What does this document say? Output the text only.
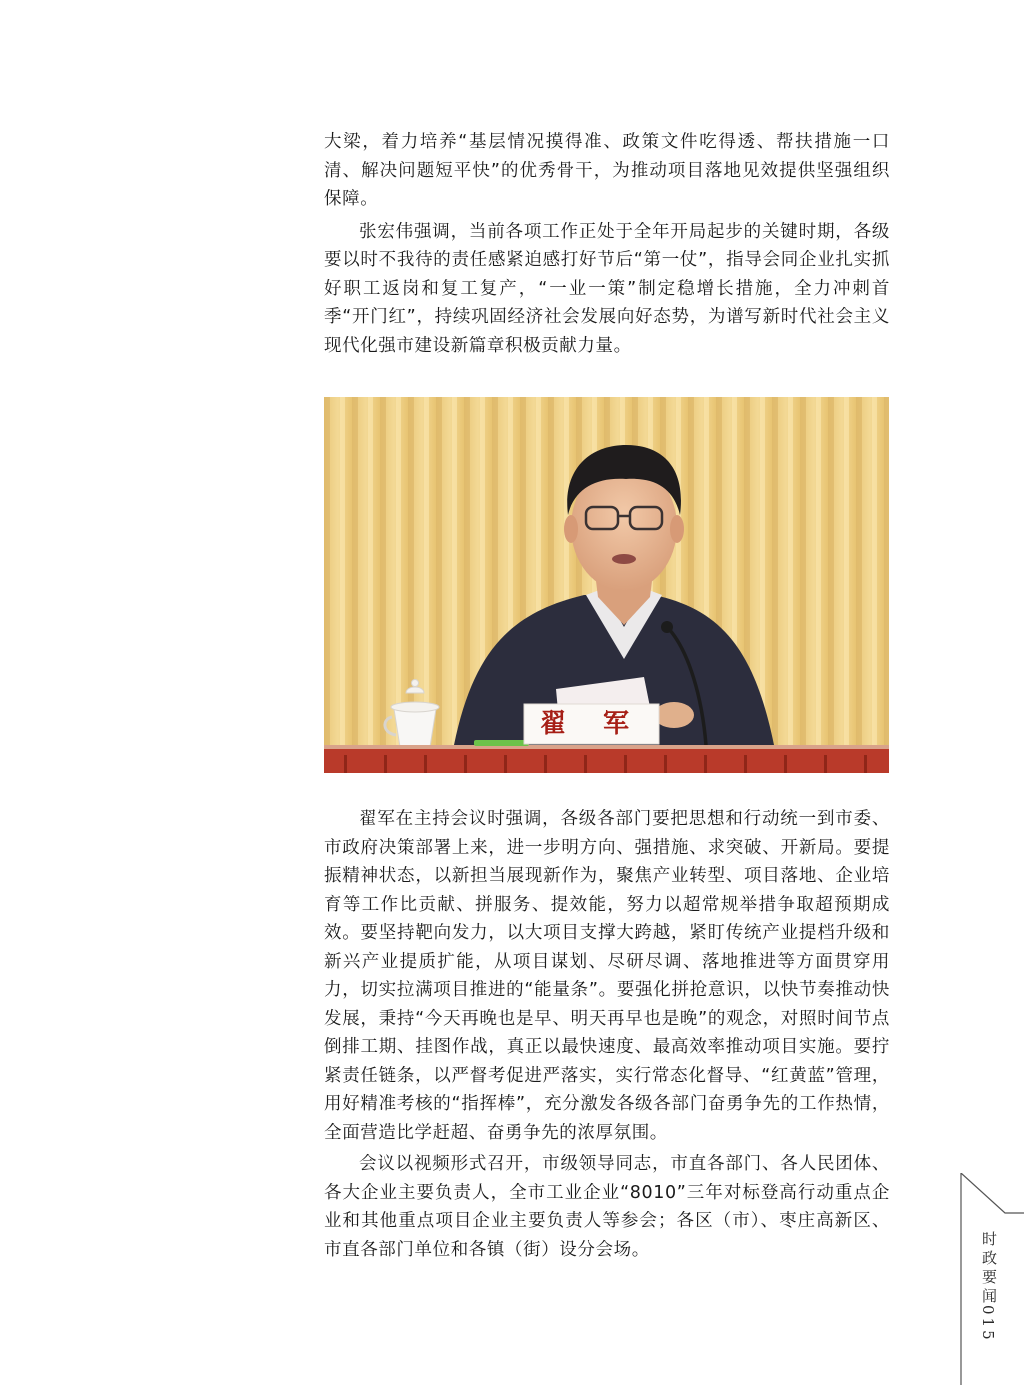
大梁，着力培养“基层情况摸得准、政策文件吃得透、帮扶措施一口清、解决问题短平快”的优秀骨干，为推动项目落地见效提供坚强组织保障。

张宏伟强调，当前各项工作正处于全年开局起步的关键时期，各级要以时不我待的责任感紧迫感打好节后“第一仗”，指导会同企业扎实抓好职工返岗和复工复产，“一业一策”制定稳增长措施，全力冲刺首季“开门红”，持续巩固经济社会发展向好态势，为谱写新时代社会主义现代化强市建设新篇章积极贡献力量。

翟 军

翟军在主持会议时强调，各级各部门要把思想和行动统一到市委、市政府决策部署上来，进一步明方向、强措施、求突破、开新局。要提振精神状态，以新担当展现新作为，聚焦产业转型、项目落地、企业培育等工作比贡献、拼服务、提效能，努力以超常规举措争取超预期成效。要坚持靶向发力，以大项目支撑大跨越，紧盯传统产业提档升级和新兴产业提质扩能，从项目谋划、尽研尽调、落地推进等方面贯穿用力，切实拉满项目推进的“能量条”。要强化拼抢意识，以快节奏推动快发展，秉持“今天再晚也是早、明天再早也是晚”的观念，对照时间节点倒排工期、挂图作战，真正以最快速度、最高效率推动项目实施。要拧紧责任链条，以严督考促进严落实，实行常态化督导、“红黄蓝”管理，用好精准考核的“指挥棒”，充分激发各级各部门奋勇争先的工作热情，全面营造比学赶超、奋勇争先的浓厚氛围。

会议以视频形式召开，市级领导同志，市直各部门、各人民团体、各大企业主要负责人，全市工业企业“8010”三年对标登高行动重点企业和其他重点项目企业主要负责人等参会；各区（市）、枣庄高新区、市直各部门单位和各镇（街）设分会场。	时政要闻
015
